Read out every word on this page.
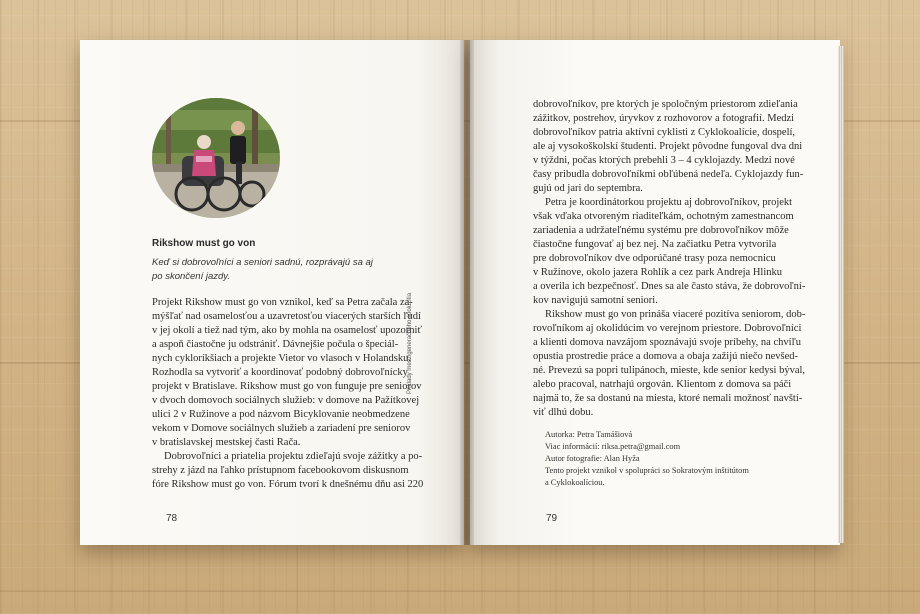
Rikshow must go von
Keď si dobrovoľníci a seniori sadnú, rozprávajú sa aj
po skončení jazdy.
Projekt Rikshow must go von vznikol, keď sa Petra začala za-
mýšľať nad osamelosťou a uzavretosťou viacerých starších ľudí
v jej okolí a tiež nad tým, ako by mohla na osamelosť upozorniť
a aspoň čiastočne ju odstrániť. Dávnejšie počula o špeciál-
nych cykloríkšiach a projekte Vietor vo vlasoch v Holandsku.
Rozhodla sa vytvoriť a koordinovať podobný dobrovoľnícky
projekt v Bratislave. Rikshow must go von funguje pre seniorov
v dvoch domovoch sociálnych služieb: v domove na Pažítkovej
ulici 2 v Ružinove a pod názvom Bicyklovanie neobmedzene
vekom v Domove sociálnych služieb a zariadení pre seniorov
v bratislavskej mestskej časti Rača.
Dobrovoľníci a priatelia projektu zdieľajú svoje zážitky a po-
strehy z jázd na ľahko prístupnom facebookovom diskusnom
fóre Rikshow must go von. Fórum tvorí k dnešnému dňu asi 220
78
dobrovoľníkov, pre ktorých je spoločným priestorom zdieľania
zážitkov, postrehov, úryvkov z rozhovorov a fotografií. Medzi
dobrovoľníkov patria aktívni cyklisti z Cyklokoalície, dospelí,
ale aj vysokoškolskí študenti. Projekt pôvodne fungoval dva dni
v týždni, počas ktorých prebehli 3 – 4 cyklojazdy. Medzi nové
časy pribudla dobrovoľníkmi obľúbená nedeľa. Cyklojazdy fun-
gujú od jari do septembra.
Petra je koordinátorkou projektu aj dobrovoľníkov, projekt
však vďaka otvoreným riaditeľkám, ochotným zamestnancom
zariadenia a udržateľnému systému pre dobrovoľníkov môže
čiastočne fungovať aj bez nej. Na začiatku Petra vytvorila
pre dobrovoľníkov dve odporúčané trasy poza nemocnicu
v Ružinove, okolo jazera Rohlík a cez park Andreja Hlinku
a overila ich bezpečnosť. Dnes sa ale často stáva, že dobrovoľní-
kov navigujú samotní seniori.
Rikshow must go von prináša viaceré pozitíva seniorom, dob-
rovoľníkom aj okolidúcim vo verejnom priestore. Dobrovoľníci
a klienti domova navzájom spoznávajú svoje príbehy, na chvíľu
opustia prostredie práce a domova a obaja zažijú niečo nevšed-
né. Prevezú sa popri tulipánoch, mieste, kde senior kedysi býval,
alebo pracoval, natrhajú orgován. Klientom z domova sa páči
najmä to, že sa dostanú na miesta, ktoré nemali možnosť navští-
viť dlhú dobu.
Autorka: Petra Tamášiová
Viac informácií: riksa.petra@gmail.com
Autor fotografie: Alan Hyža
Tento projekt vznikol v spolupráci so Sokratovým inštitútom
a Cyklokoalíciou.
79
Príklady medzigeneračného spolužitia
